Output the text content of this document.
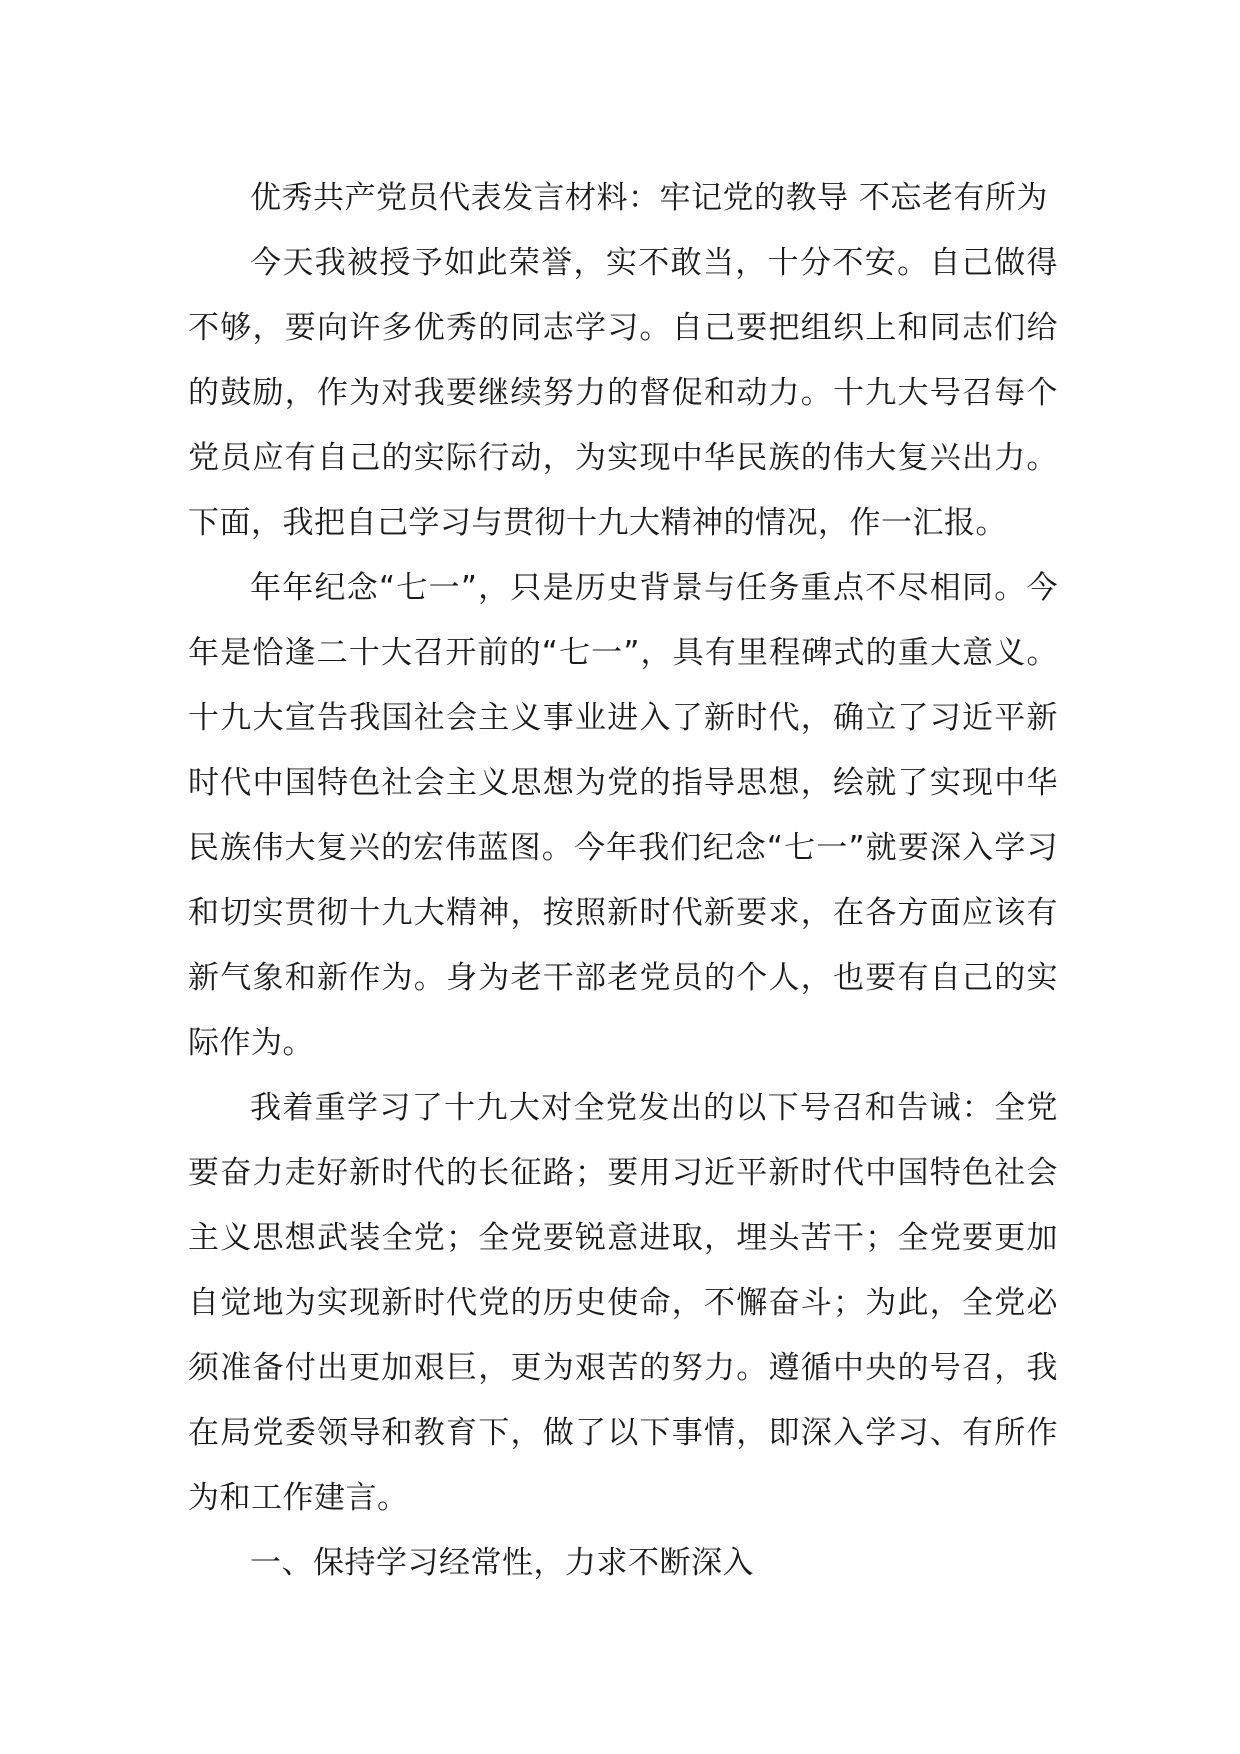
优秀共产党员代表发言材料：牢记党的教导 不忘老有所为

今天我被授予如此荣誉，实不敢当，十分不安。自己做得不够，要向许多优秀的同志学习。自己要把组织上和同志们给的鼓励，作为对我要继续努力的督促和动力。十九大号召每个党员应有自己的实际行动，为实现中华民族的伟大复兴出力。下面，我把自己学习与贯彻十九大精神的情况，作一汇报。

年年纪念“七一”，只是历史背景与任务重点不尽相同。今年是恰逢二十大召开前的“七一”，具有里程碑式的重大意义。十九大宣告我国社会主义事业进入了新时代，确立了习近平新时代中国特色社会主义思想为党的指导思想，绘就了实现中华民族伟大复兴的宏伟蓝图。今年我们纪念“七一”就要深入学习和切实贯彻十九大精神，按照新时代新要求，在各方面应该有新气象和新作为。身为老干部老党员的个人，也要有自己的实际作为。

我着重学习了十九大对全党发出的以下号召和告诫：全党要奋力走好新时代的长征路；要用习近平新时代中国特色社会主义思想武装全党；全党要锐意进取，埋头苦干；全党要更加自觉地为实现新时代党的历史使命，不懈奋斗；为此，全党必须准备付出更加艰巨，更为艰苦的努力。遵循中央的号召，我在局党委领导和教育下，做了以下事情，即深入学习、有所作为和工作建言。

一、保持学习经常性，力求不断深入
